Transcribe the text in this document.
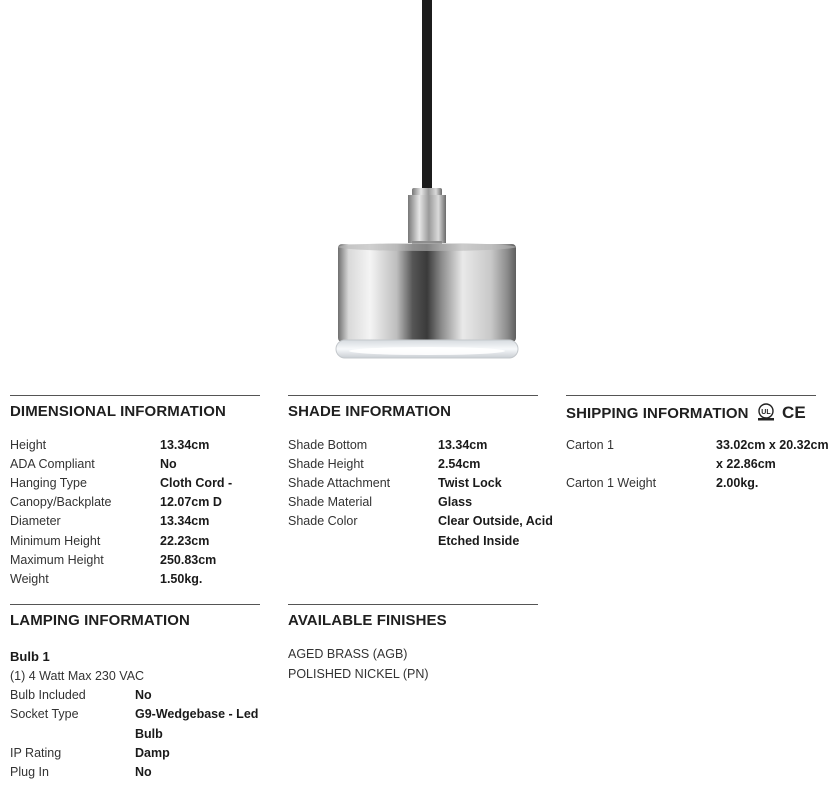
DIMENSIONAL INFORMATION
Height	13.34cm
ADA Compliant	No
Hanging Type	Cloth Cord -
Canopy/Backplate	12.07cm D
Diameter	13.34cm
Minimum Height	22.23cm
Maximum Height	250.83cm
Weight	1.50kg.
SHADE INFORMATION
Shade Bottom	13.34cm
Shade Height	2.54cm
Shade Attachment	Twist Lock
Shade Material	Glass
Shade Color	Clear Outside, Acid
Etched Inside
SHIPPING INFORMATION UL CE
Carton 1	33.02cm x 20.32cm
x 22.86cm
Carton 1 Weight	2.00kg.
LAMPING INFORMATION
Bulb 1
(1) 4 Watt Max 230 VAC
Bulb Included	No
Socket Type	G9-Wedgebase - Led
Bulb
IP Rating	Damp
Plug In	No
AVAILABLE FINISHES
AGED BRASS (AGB)
POLISHED NICKEL (PN)
